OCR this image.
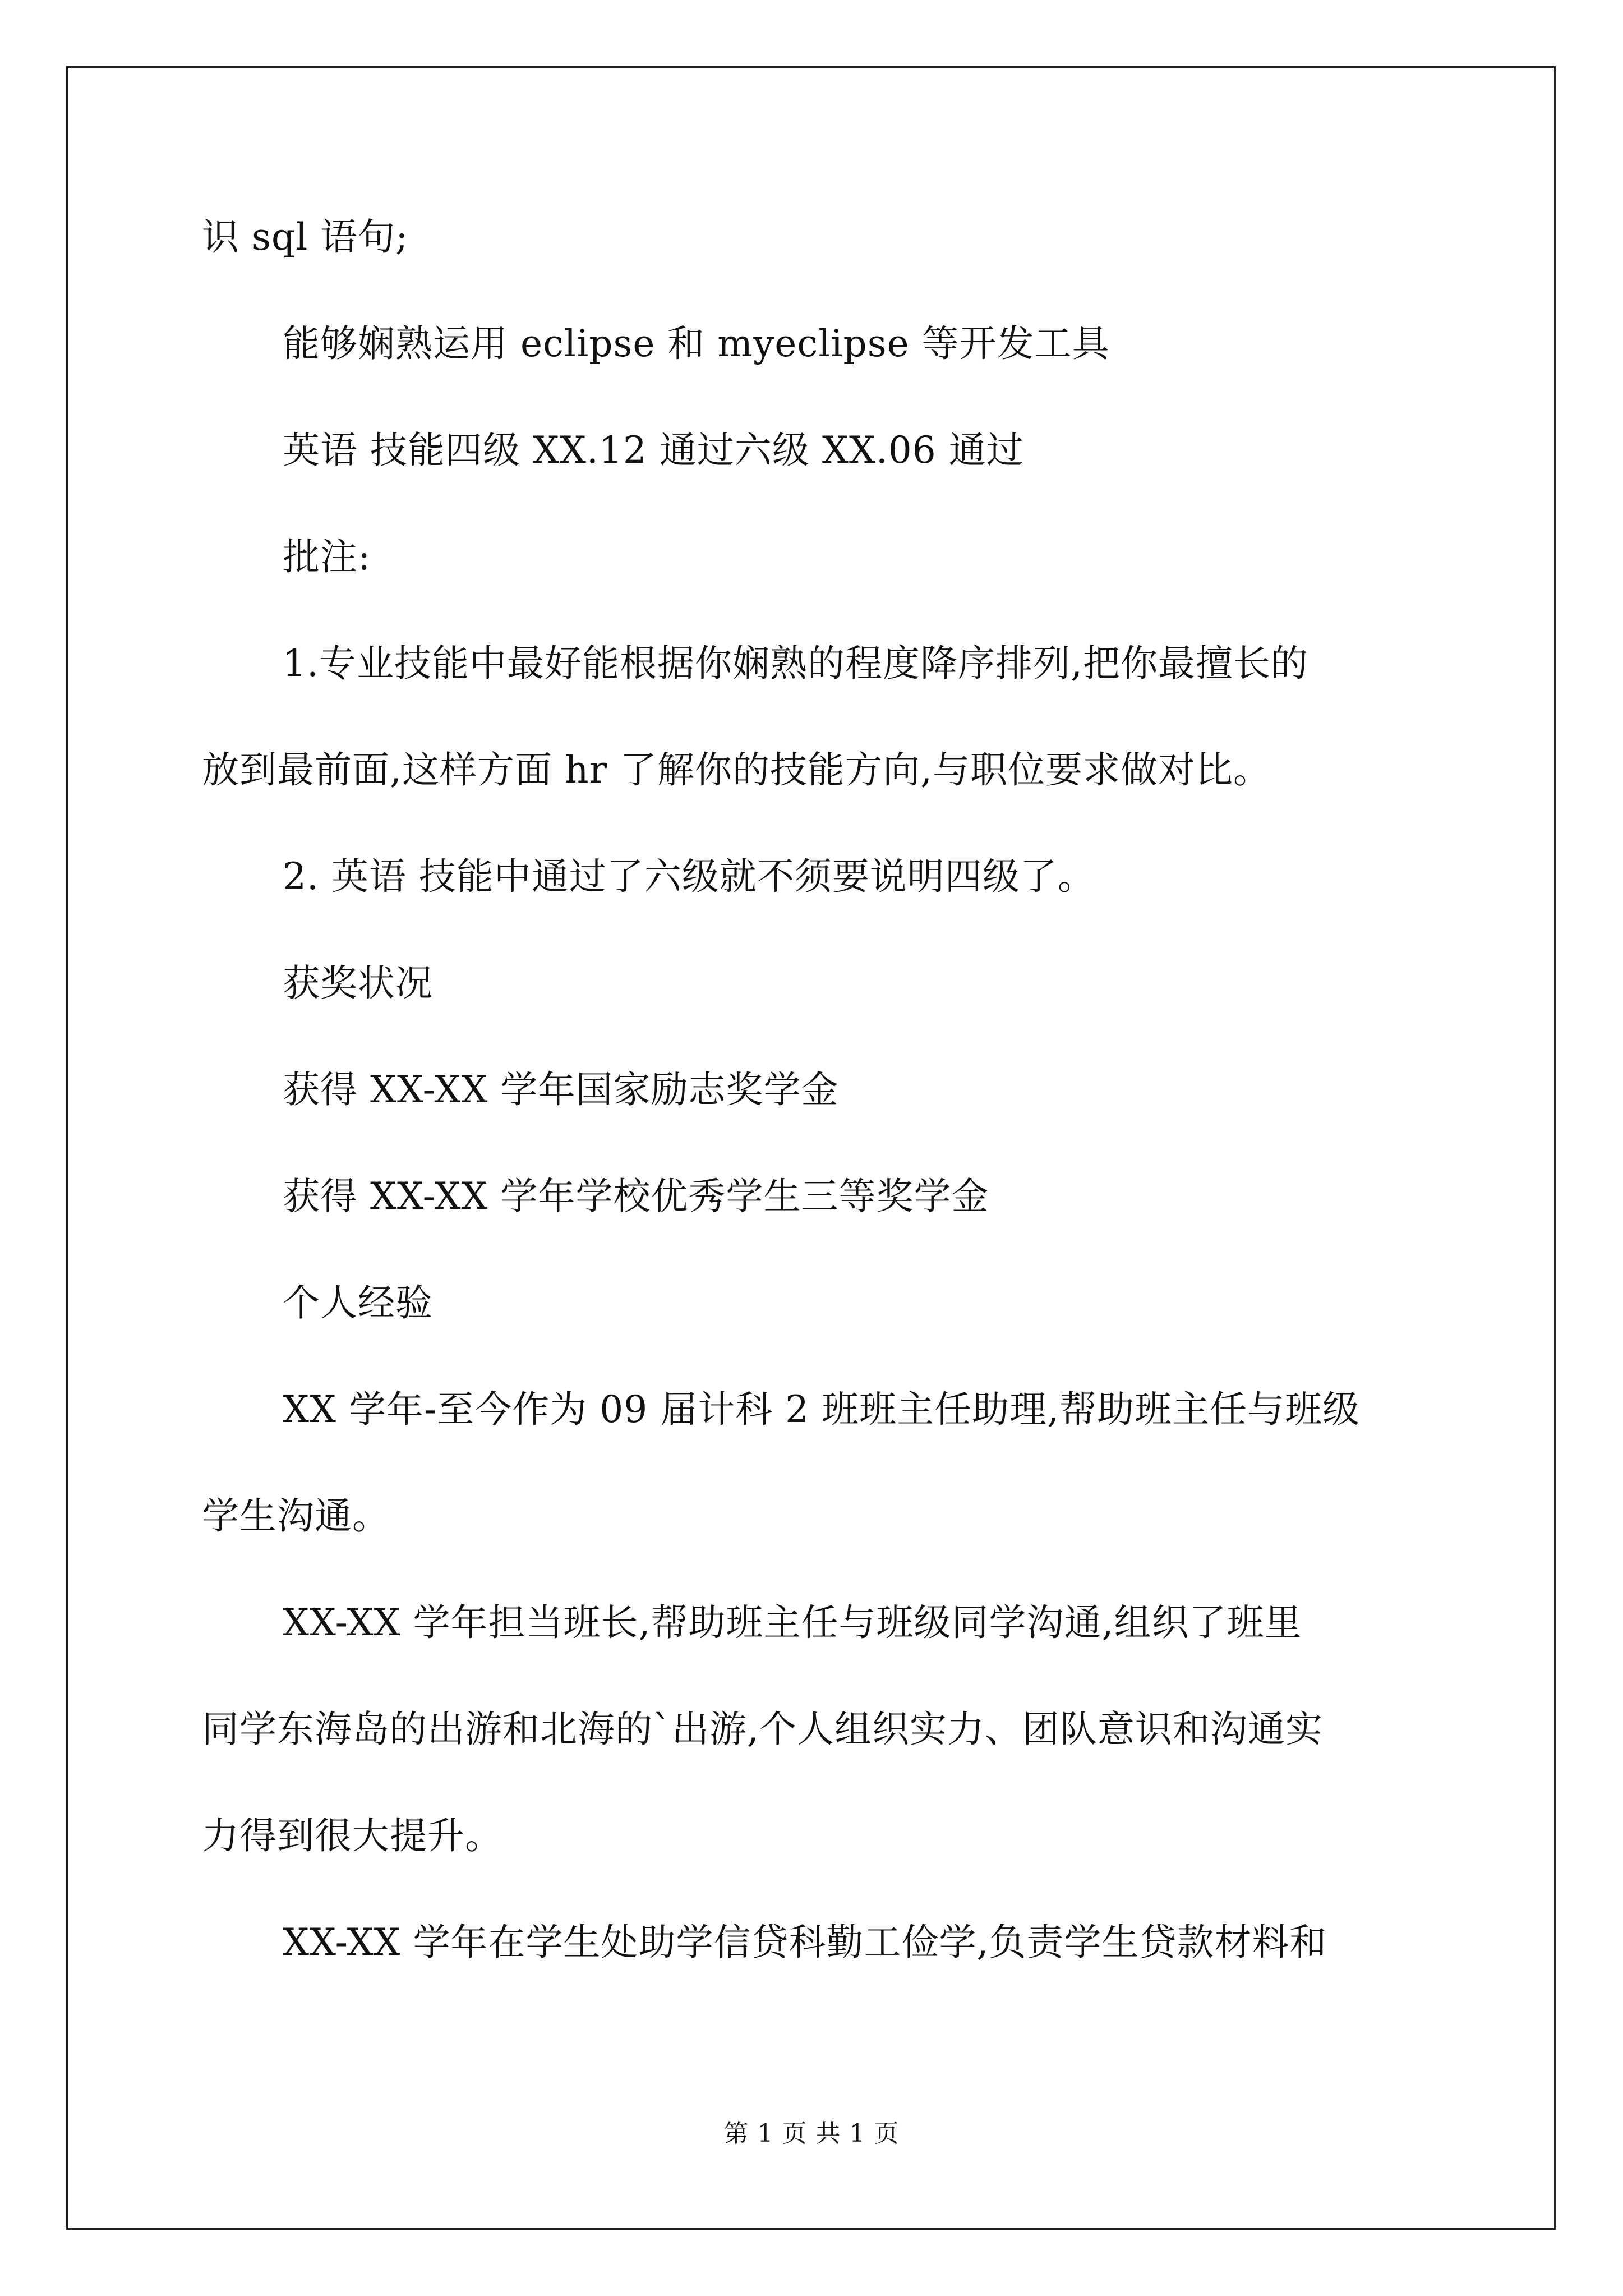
识 sql 语句;
能够娴熟运用 eclipse 和 myeclipse 等开发工具
英语 技能四级 XX.12 通过六级 XX.06 通过
批注:
1.专业技能中最好能根据你娴熟的程度降序排列,把你最擅长的
放到最前面,这样方面 hr 了解你的技能方向,与职位要求做对比。
2. 英语 技能中通过了六级就不须要说明四级了。
获奖状况
获得 XX-XX 学年国家励志奖学金
获得 XX-XX 学年学校优秀学生三等奖学金
个人经验
XX 学年-至今作为 09 届计科 2 班班主任助理,帮助班主任与班级
学生沟通。
XX-XX 学年担当班长,帮助班主任与班级同学沟通,组织了班里
同学东海岛的出游和北海的`出游,个人组织实力、团队意识和沟通实
力得到很大提升。
XX-XX 学年在学生处助学信贷科勤工俭学,负责学生贷款材料和
第 1 页 共 1 页
